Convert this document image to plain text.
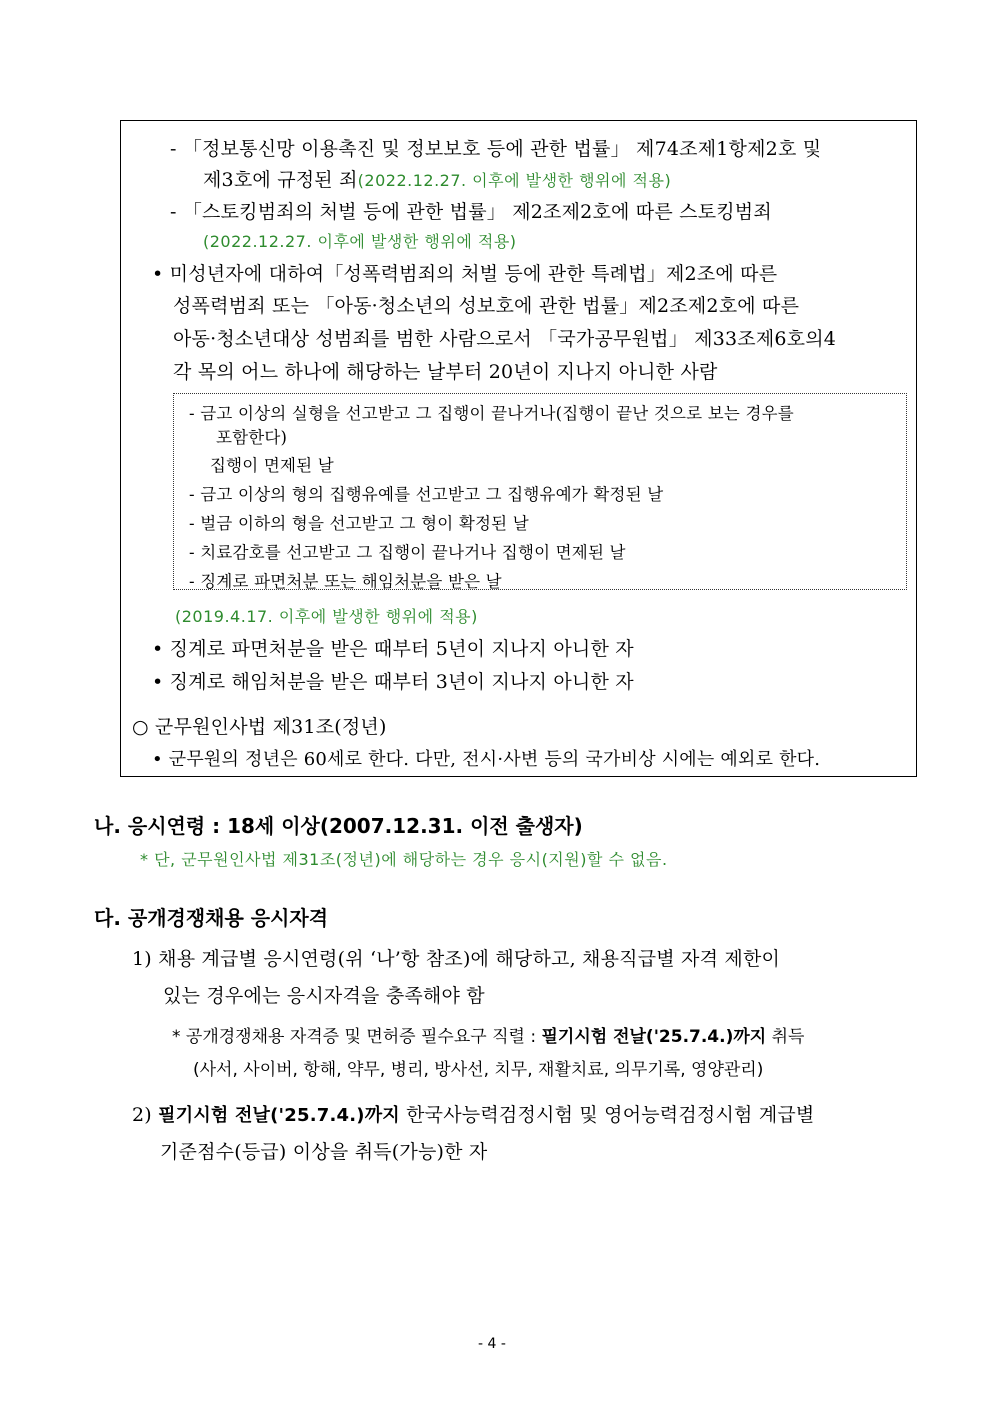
- 「정보통신망 이용촉진 및 정보보호 등에 관한 법률」 제74조제1항제2호 및
제3호에 규정된 죄(2022.12.27. 이후에 발생한 행위에 적용)
- 「스토킹범죄의 처벌 등에 관한 법률」 제2조제2호에 따른 스토킹범죄
(2022.12.27. 이후에 발생한 행위에 적용)
• 미성년자에 대하여「성폭력범죄의 처벌 등에 관한 특례법」제2조에 따른
성폭력범죄 또는 「아동·청소년의 성보호에 관한 법률」제2조제2호에 따른
아동·청소년대상 성범죄를 범한 사람으로서 「국가공무원법」 제33조제6호의4
각 목의 어느 하나에 해당하는 날부터 20년이 지나지 아니한 사람
- 금고 이상의 실형을 선고받고 그 집행이 끝나거나(집행이 끝난 것으로 보는 경우를
포함한다)
집행이 면제된 날
- 금고 이상의 형의 집행유예를 선고받고 그 집행유예가 확정된 날
- 벌금 이하의 형을 선고받고 그 형이 확정된 날
- 치료감호를 선고받고 그 집행이 끝나거나 집행이 면제된 날
- 징계로 파면처분 또는 해임처분을 받은 날
(2019.4.17. 이후에 발생한 행위에 적용)
• 징계로 파면처분을 받은 때부터 5년이 지나지 아니한 자
• 징계로 해임처분을 받은 때부터 3년이 지나지 아니한 자
○ 군무원인사법 제31조(정년)
• 군무원의 정년은 60세로 한다. 다만, 전시·사변 등의 국가비상 시에는 예외로 한다.
나. 응시연령 : 18세 이상(2007.12.31. 이전 출생자)
* 단, 군무원인사법 제31조(정년)에 해당하는 경우 응시(지원)할 수 없음.
다. 공개경쟁채용 응시자격
1) 채용 계급별 응시연령(위 ‘나’항 참조)에 해당하고, 채용직급별 자격 제한이
있는 경우에는 응시자격을 충족해야 함
* 공개경쟁채용 자격증 및 면허증 필수요구 직렬 : 필기시험 전날('25.7.4.)까지 취득
(사서, 사이버, 항해, 약무, 병리, 방사선, 치무, 재활치료, 의무기록, 영양관리)
2) 필기시험 전날('25.7.4.)까지 한국사능력검정시험 및 영어능력검정시험 계급별
기준점수(등급) 이상을 취득(가능)한 자
- 4 -
